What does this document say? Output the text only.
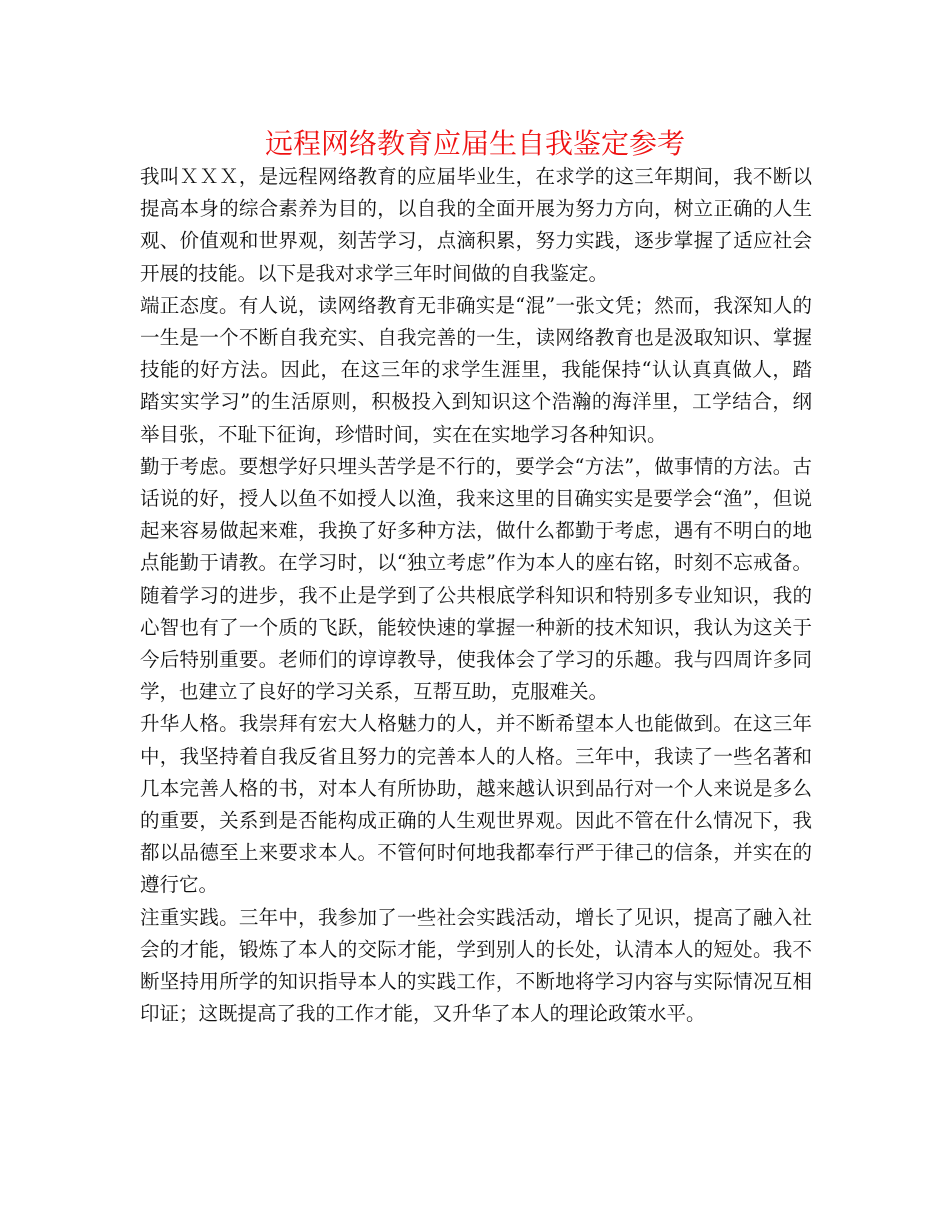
远程网络教育应届生自我鉴定参考

我叫ＸＸＸ，是远程网络教育的应届毕业生，在求学的这三年期间，我不断以提高本身的综合素养为目的，以自我的全面开展为努力方向，树立正确的人生观、价值观和世界观，刻苦学习，点滴积累，努力实践，逐步掌握了适应社会开展的技能。以下是我对求学三年时间做的自我鉴定。

端正态度。有人说，读网络教育无非确实是“混”一张文凭；然而，我深知人的一生是一个不断自我充实、自我完善的一生，读网络教育也是汲取知识、掌握技能的好方法。因此，在这三年的求学生涯里，我能保持“认认真真做人，踏踏实实学习”的生活原则，积极投入到知识这个浩瀚的海洋里，工学结合，纲举目张，不耻下征询，珍惜时间，实在在实地学习各种知识。

勤于考虑。要想学好只埋头苦学是不行的，要学会“方法”，做事情的方法。古话说的好，授人以鱼不如授人以渔，我来这里的目确实实是要学会“渔”，但说起来容易做起来难，我换了好多种方法，做什么都勤于考虑，遇有不明白的地点能勤于请教。在学习时，以“独立考虑”作为本人的座右铭，时刻不忘戒备。随着学习的进步，我不止是学到了公共根底学科知识和特别多专业知识，我的心智也有了一个质的飞跃，能较快速的掌握一种新的技术知识，我认为这关于今后特别重要。老师们的谆谆教导，使我体会了学习的乐趣。我与四周许多同学，也建立了良好的学习关系，互帮互助，克服难关。

升华人格。我崇拜有宏大人格魅力的人，并不断希望本人也能做到。在这三年中，我坚持着自我反省且努力的完善本人的人格。三年中，我读了一些名著和几本完善人格的书，对本人有所协助，越来越认识到品行对一个人来说是多么的重要，关系到是否能构成正确的人生观世界观。因此不管在什么情况下，我都以品德至上来要求本人。不管何时何地我都奉行严于律己的信条，并实在的遵行它。

注重实践。三年中，我参加了一些社会实践活动，增长了见识，提高了融入社会的才能，锻炼了本人的交际才能，学到别人的长处，认清本人的短处。我不断坚持用所学的知识指导本人的实践工作，不断地将学习内容与实际情况互相印证；这既提高了我的工作才能，又升华了本人的理论政策水平。
